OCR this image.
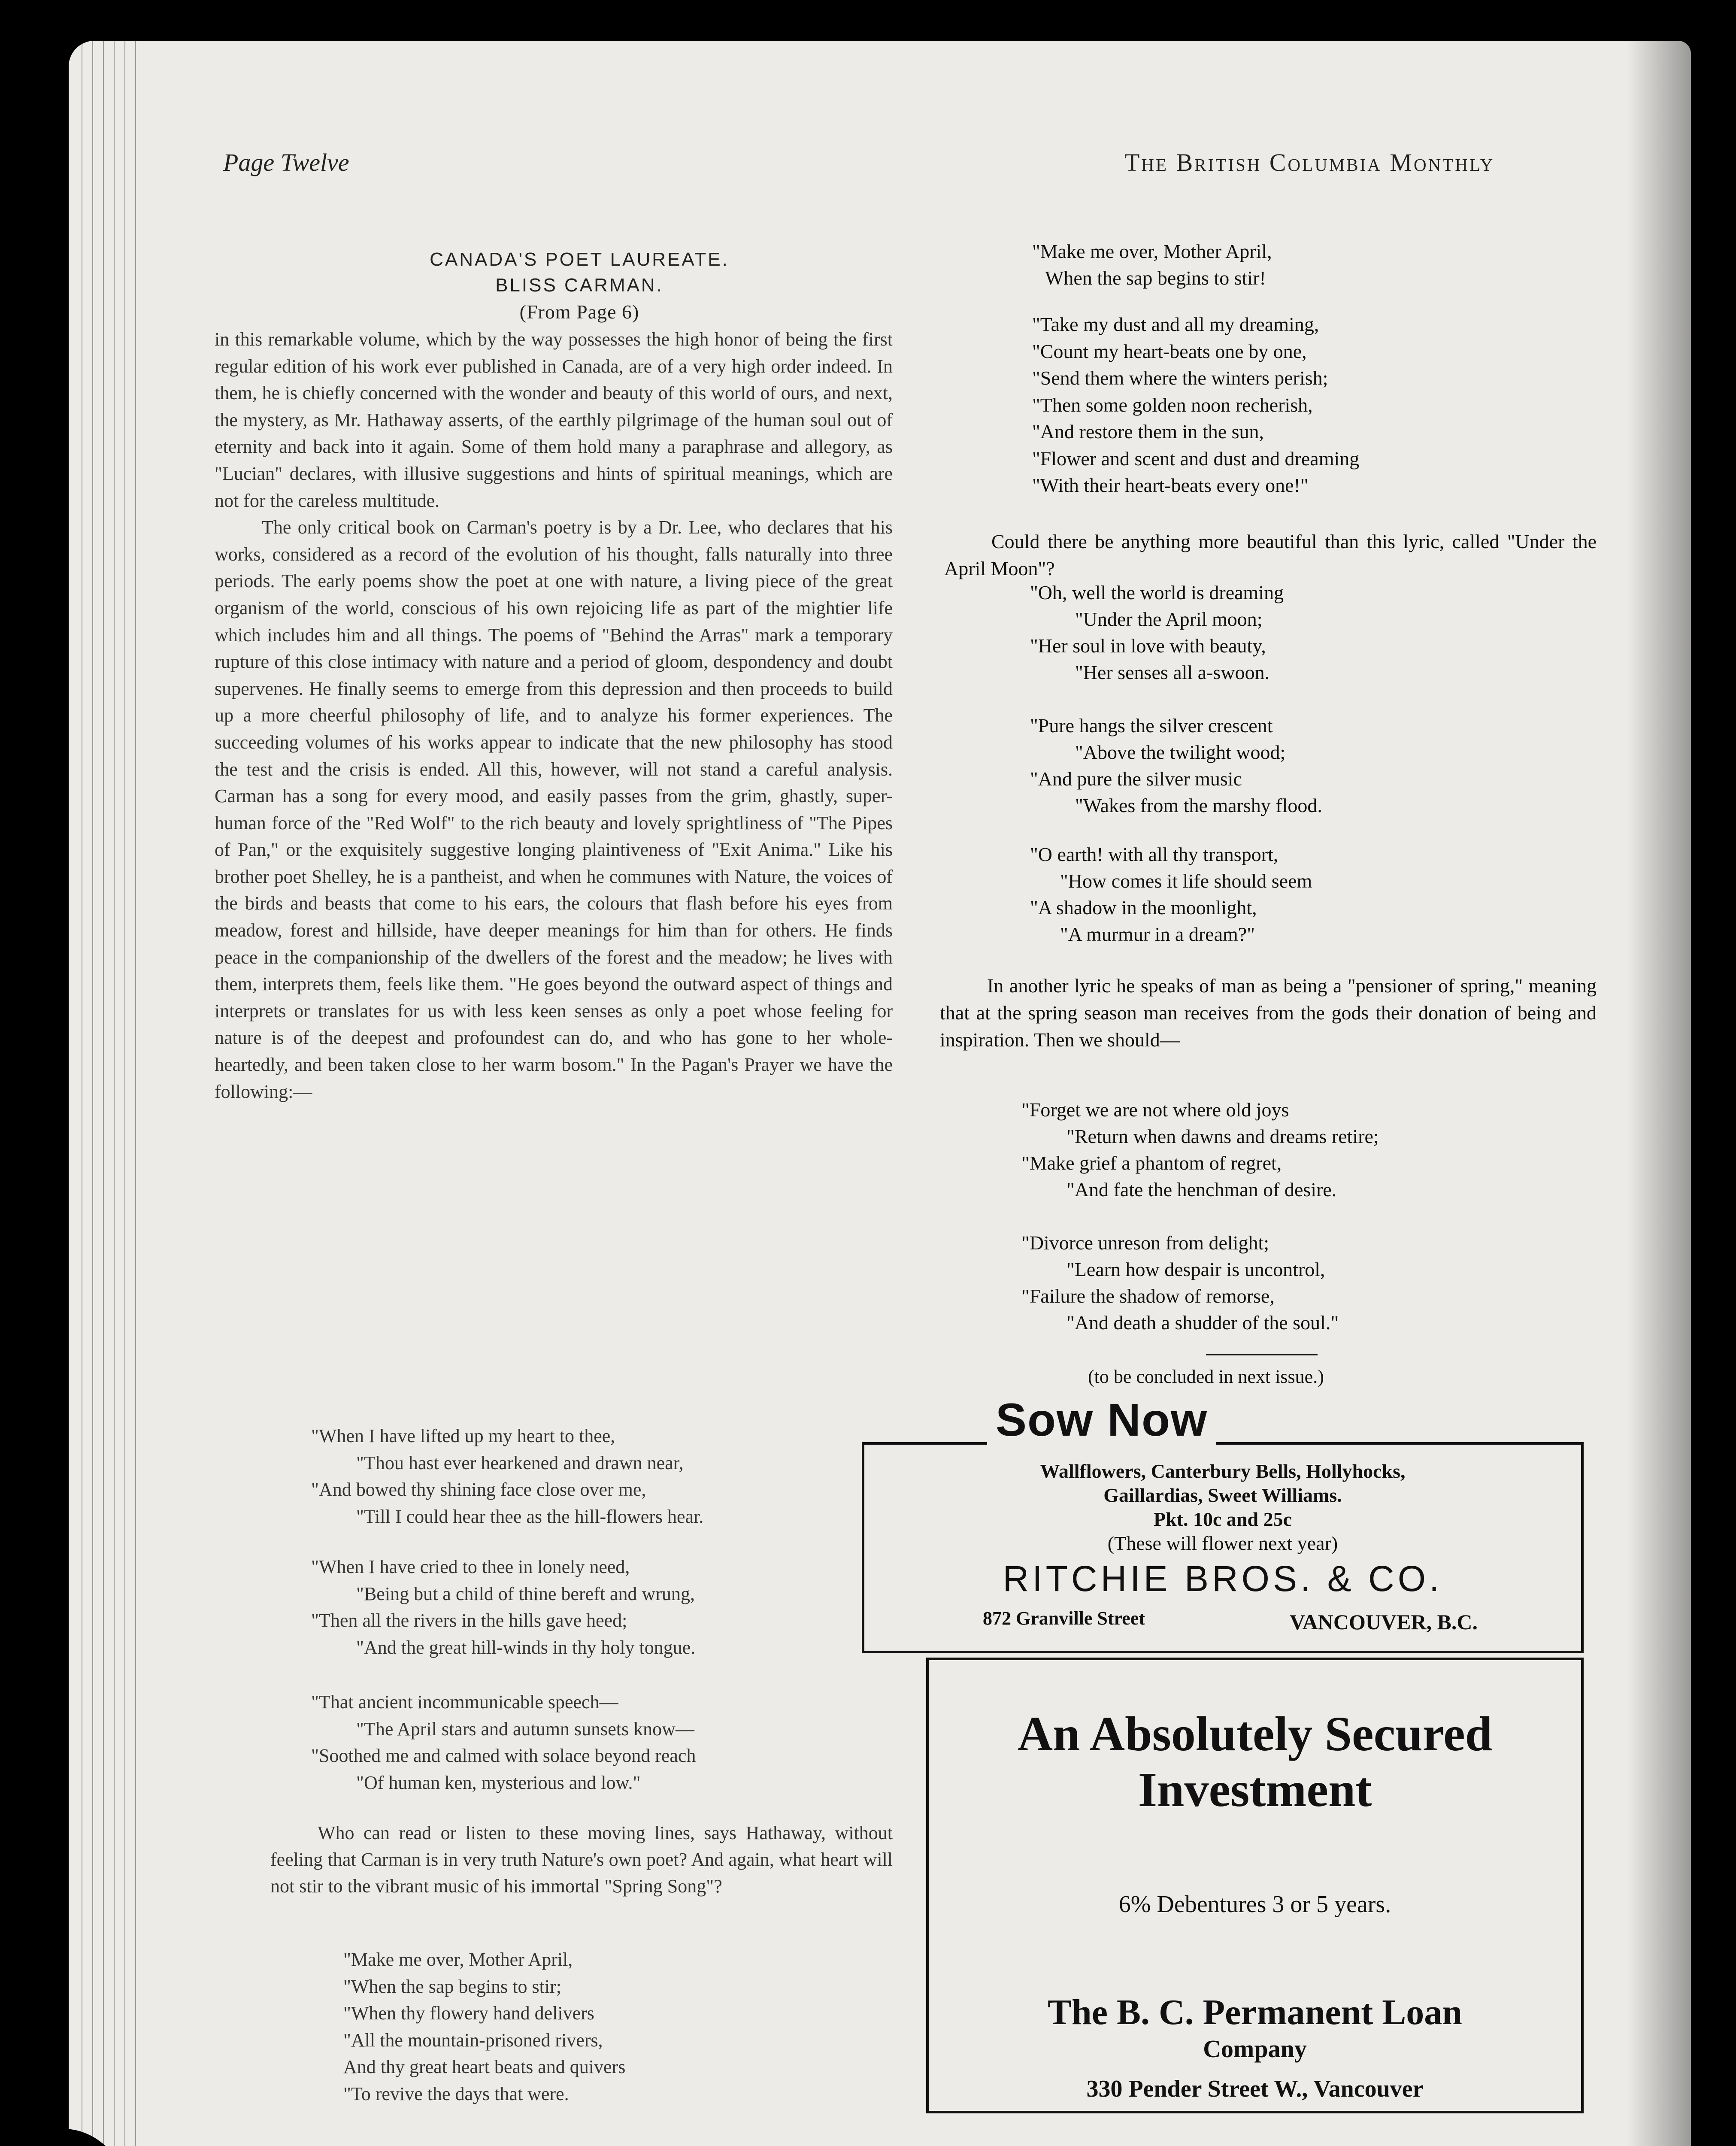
Page Twelve	The British Columbia Monthly
CANADA'S POET LAUREATE.
BLISS CARMAN.
(From Page 6)

in this remarkable volume, which by the way possesses the high honor of being the first regular edition of his work ever published in Canada, are of a very high order indeed. In them, he is chiefly concerned with the wonder and beauty of this world of ours, and next, the mystery, as Mr. Hathaway asserts, of the earthly pilgrimage of the human soul out of eternity and back into it again. Some of them hold many a paraphrase and allegory, as "Lucian" declares, with illusive suggestions and hints of spiritual meanings, which are not for the careless multitude.

The only critical book on Carman's poetry is by a Dr. Lee, who declares that his works, considered as a record of the evolution of his thought, falls naturally into three periods. The early poems show the poet at one with nature, a living piece of the great organism of the world, conscious of his own rejoicing life as part of the mightier life which includes him and all things. The poems of "Behind the Arras" mark a temporary rupture of this close intimacy with nature and a period of gloom, despondency and doubt supervenes. He finally seems to emerge from this depression and then proceeds to build up a more cheerful philosophy of life, and to analyze his former experiences. The succeeding volumes of his works appear to indicate that the new philosophy has stood the test and the crisis is ended. All this, however, will not stand a careful analysis. Carman has a song for every mood, and easily passes from the grim, ghastly, super-human force of the "Red Wolf" to the rich beauty and lovely sprightliness of "The Pipes of Pan," or the exquisitely suggestive longing plaintiveness of "Exit Anima." Like his brother poet Shelley, he is a pantheist, and when he communes with Nature, the voices of the birds and beasts that come to his ears, the colours that flash before his eyes from meadow, forest and hillside, have deeper meanings for him than for others. He finds peace in the companionship of the dwellers of the forest and the meadow; he lives with them, interprets them, feels like them. "He goes beyond the outward aspect of things and interprets or translates for us with less keen senses as only a poet whose feeling for nature is of the deepest and profoundest can do, and who has gone to her whole-heartedly, and been taken close to her warm bosom." In the Pagan's Prayer we have the following:—

"When I have lifted up my heart to thee,
"Thou hast ever hearkened and drawn near,
"And bowed thy shining face close over me,
"Till I could hear thee as the hill-flowers hear.
"When I have cried to thee in lonely need,
"Being but a child of thine bereft and wrung,
"Then all the rivers in the hills gave heed;
"And the great hill-winds in thy holy tongue.
"That ancient incommunicable speech—
"The April stars and autumn sunsets know—
"Soothed me and calmed with solace beyond reach
"Of human ken, mysterious and low."

Who can read or listen to these moving lines, says Hathaway, without feeling that Carman is in very truth Nature's own poet? And again, what heart will not stir to the vibrant music of his immortal "Spring Song"?

"Make me over, Mother April,
"When the sap begins to stir;
"When thy flowery hand delivers
"All the mountain-prisoned rivers,
And thy great heart beats and quivers
"To revive the days that were.
"Make me over, Mother April,
When the sap begins to stir!
"Take my dust and all my dreaming,
"Count my heart-beats one by one,
"Send them where the winters perish;
"Then some golden noon recherish,
"And restore them in the sun,
"Flower and scent and dust and dreaming
"With their heart-beats every one!"

Could there be anything more beautiful than this lyric, called "Under the April Moon"?

"Oh, well the world is dreaming
"Under the April moon;
"Her soul in love with beauty,
"Her senses all a-swoon.
"Pure hangs the silver crescent
"Above the twilight wood;
"And pure the silver music
"Wakes from the marshy flood.
"O earth! with all thy transport,
"How comes it life should seem
"A shadow in the moonlight,
"A murmur in a dream?"

In another lyric he speaks of man as being a "pensioner of spring," meaning that at the spring season man receives from the gods their donation of being and inspiration. Then we should—

"Forget we are not where old joys
"Return when dawns and dreams retire;
"Make grief a phantom of regret,
"And fate the henchman of desire.
"Divorce unreson from delight;
"Learn how despair is uncontrol,
"Failure the shadow of remorse,
"And death a shudder of the soul."
(to be concluded in next issue.)
Sow Now
Wallflowers, Canterbury Bells, Hollyhocks,
Gaillardias, Sweet Williams.
Pkt. 10c and 25c
(These will flower next year)
RITCHIE BROS. & CO.
872 Granville Street	VANCOUVER, B.C.
An Absolutely Secured
Investment
6% Debentures 3 or 5 years.
The B. C. Permanent Loan
Company
330 Pender Street W., Vancouver
